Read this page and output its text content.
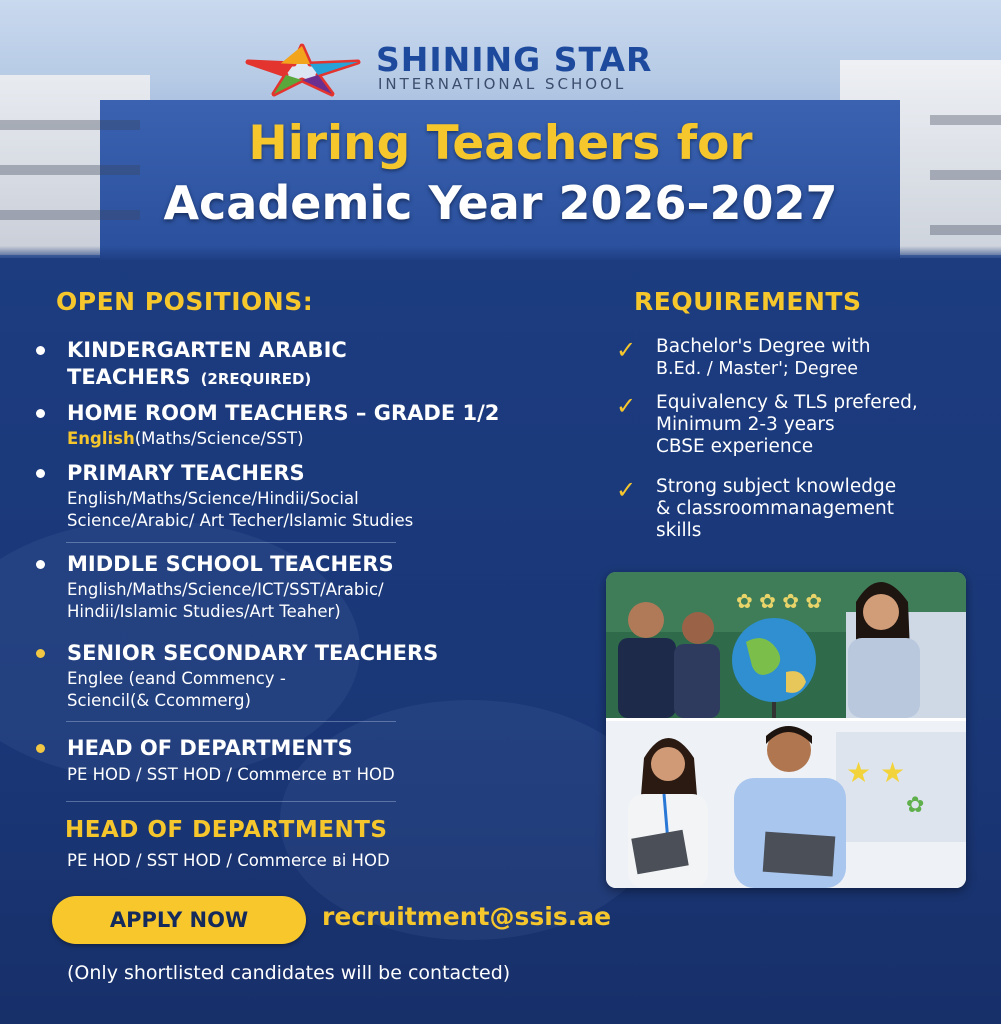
SHINING STAR
INTERNATIONAL SCHOOL
Hiring Teachers for
Academic Year 2026–2027
OPEN POSITIONS:
KINDERGARTEN ARABIC
TEACHERS (2REQUIRED)
HOME ROOM TEACHERS – GRADE 1/2
English(Maths/Science/SST)
PRIMARY TEACHERS
English/Maths/Science/Hindii/Social
Science/Arabic/ Art Techer/Islamic Studies
MIDDLE SCHOOL TEACHERS
English/Maths/Science/ICT/SST/Arabic/
Hindii/Islamic Studies/Art Teaher)
SENIOR SECONDARY TEACHERS
Englee (eand Commency -
Sciencil(& Ccommerg)
HEAD OF DEPARTMENTS
PE HOD / SST HOD / Commerce вт HOD
HEAD OF DEPARTMENTS
PE HOD / SST HOD / Commerce ві HOD
REQUIREMENTS
✓ Bachelor's Degree with
B.Ed. / Master'; Degree
✓ Equivalency & TLS prefered,
Minimum 2-3 years
CBSE experience
✓ Strong subject knowledge
& classroommanagement
skills
✿ ✿ ✿ ✿
★ ★
✿
APPLY NOW	recruitment@ssis.ae
(Only shortlisted candidates will be contacted)
